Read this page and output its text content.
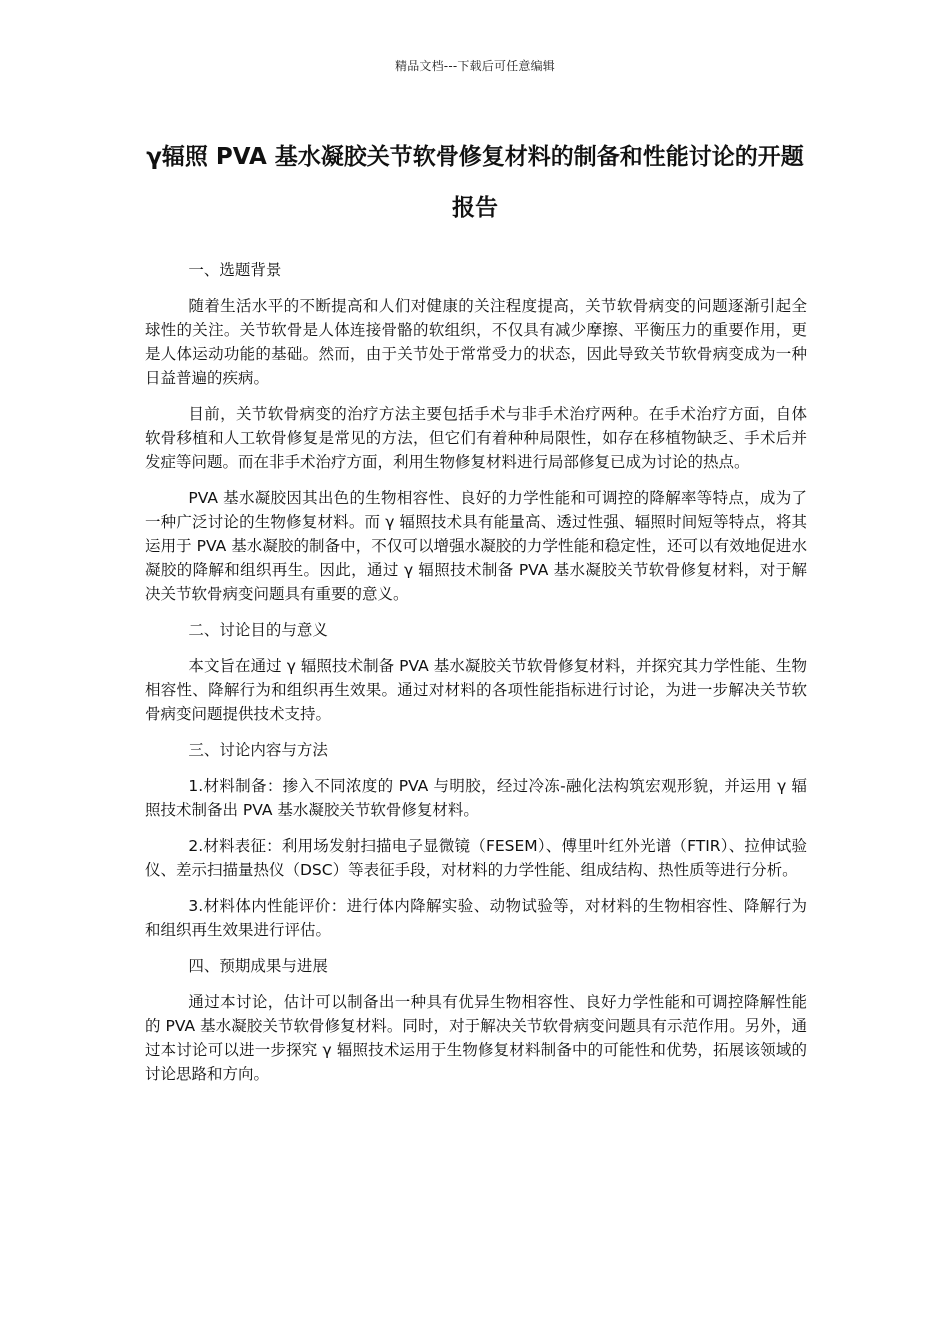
精品文档---下载后可任意编辑
γ辐照 PVA 基水凝胶关节软骨修复材料的制备和性能讨论的开题报告

一、选题背景

随着生活水平的不断提高和人们对健康的关注程度提高，关节软骨病变的问题逐渐引起全球性的关注。关节软骨是人体连接骨骼的软组织，不仅具有减少摩擦、平衡压力的重要作用，更是人体运动功能的基础。然而，由于关节处于常常受力的状态，因此导致关节软骨病变成为一种日益普遍的疾病。

目前，关节软骨病变的治疗方法主要包括手术与非手术治疗两种。在手术治疗方面，自体软骨移植和人工软骨修复是常见的方法，但它们有着种种局限性，如存在移植物缺乏、手术后并发症等问题。而在非手术治疗方面，利用生物修复材料进行局部修复已成为讨论的热点。

PVA 基水凝胶因其出色的生物相容性、良好的力学性能和可调控的降解率等特点，成为了一种广泛讨论的生物修复材料。而 γ 辐照技术具有能量高、透过性强、辐照时间短等特点，将其运用于 PVA 基水凝胶的制备中，不仅可以增强水凝胶的力学性能和稳定性，还可以有效地促进水凝胶的降解和组织再生。因此，通过 γ 辐照技术制备 PVA 基水凝胶关节软骨修复材料，对于解决关节软骨病变问题具有重要的意义。

二、讨论目的与意义

本文旨在通过 γ 辐照技术制备 PVA 基水凝胶关节软骨修复材料，并探究其力学性能、生物相容性、降解行为和组织再生效果。通过对材料的各项性能指标进行讨论，为进一步解决关节软骨病变问题提供技术支持。

三、讨论内容与方法

1.材料制备：掺入不同浓度的 PVA 与明胶，经过冷冻-融化法构筑宏观形貌，并运用 γ 辐照技术制备出 PVA 基水凝胶关节软骨修复材料。

2.材料表征：利用场发射扫描电子显微镜（FESEM）、傅里叶红外光谱（FTIR）、拉伸试验仪、差示扫描量热仪（DSC）等表征手段，对材料的力学性能、组成结构、热性质等进行分析。

3.材料体内性能评价：进行体内降解实验、动物试验等，对材料的生物相容性、降解行为和组织再生效果进行评估。

四、预期成果与进展

通过本讨论，估计可以制备出一种具有优异生物相容性、良好力学性能和可调控降解性能的 PVA 基水凝胶关节软骨修复材料。同时，对于解决关节软骨病变问题具有示范作用。另外，通过本讨论可以进一步探究 γ 辐照技术运用于生物修复材料制备中的可能性和优势，拓展该领域的讨论思路和方向。
